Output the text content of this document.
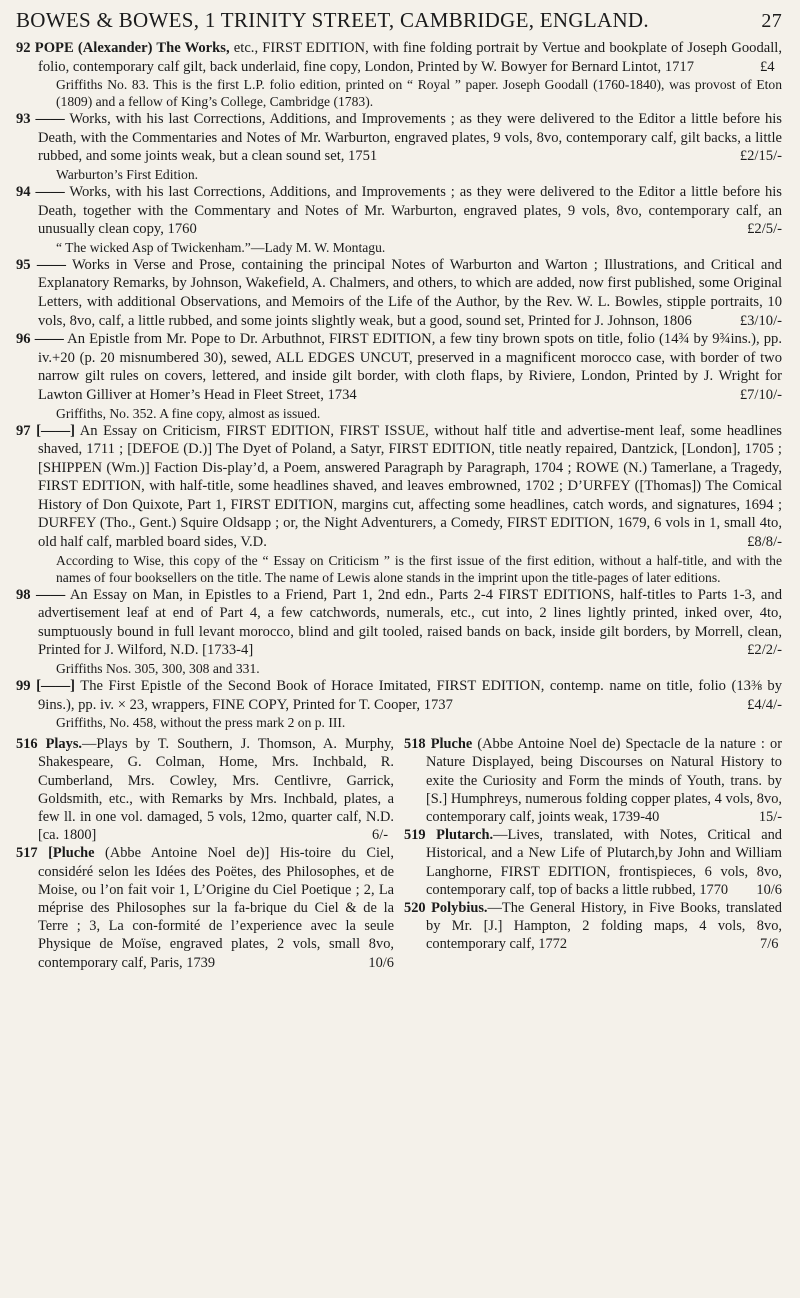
BOWES & BOWES, 1 TRINITY STREET, CAMBRIDGE, ENGLAND.	27

92 POPE (Alexander) The Works, etc., FIRST EDITION, with fine folding portrait by Vertue and bookplate of Joseph Goodall, folio, contemporary calf gilt, back underlaid, fine copy, London, Printed by W. Bowyer for Bernard Lintot, 1717	£4
Griffiths No. 83. This is the first L.P. folio edition, printed on “ Royal ” paper. Joseph Goodall (1760-1840), was provost of Eton (1809) and a fellow of King’s College, Cambridge (1783).

93 —— Works, with his last Corrections, Additions, and Improvements ; as they were delivered to the Editor a little before his Death, with the Commentaries and Notes of Mr. Warburton, engraved plates, 9 vols, 8vo, contemporary calf, gilt backs, a little rubbed, and some joints weak, but a clean sound set, 1751	£2/15/-
Warburton’s First Edition.

94 —— Works, with his last Corrections, Additions, and Improvements ; as they were delivered to the Editor a little before his Death, together with the Commentary and Notes of Mr. Warburton, engraved plates, 9 vols, 8vo, contemporary calf, an unusually clean copy, 1760	£2/5/-
“ The wicked Asp of Twickenham.”—Lady M. W. Montagu.

95 —— Works in Verse and Prose, containing the principal Notes of Warburton and Warton ; Illustrations, and Critical and Explanatory Remarks, by Johnson, Wakefield, A. Chalmers, and others, to which are added, now first published, some Original Letters, with additional Observations, and Memoirs of the Life of the Author, by the Rev. W. L. Bowles, stipple portraits, 10 vols, 8vo, calf, a little rubbed, and some joints slightly weak, but a good, sound set, Printed for J. Johnson, 1806	£3/10/-

96 —— An Epistle from Mr. Pope to Dr. Arbuthnot, FIRST EDITION, a few tiny brown spots on title, folio (14¾ by 9¾ins.), pp. iv.+20 (p. 20 misnumbered 30), sewed, ALL EDGES UNCUT, preserved in a magnificent morocco case, with border of two narrow gilt rules on covers, lettered, and inside gilt border, with cloth flaps, by Riviere, London, Printed by J. Wright for Lawton Gilliver at Homer’s Head in Fleet Street, 1734	£7/10/-
Griffiths, No. 352. A fine copy, almost as issued.

97 [——] An Essay on Criticism, FIRST EDITION, FIRST ISSUE, without half title and advertise-ment leaf, some headlines shaved, 1711 ; [DEFOE (D.)] The Dyet of Poland, a Satyr, FIRST EDITION, title neatly repaired, Dantzick, [London], 1705 ; [SHIPPEN (Wm.)] Faction Dis-play’d, a Poem, answered Paragraph by Paragraph, 1704 ; ROWE (N.) Tamerlane, a Tragedy, FIRST EDITION, with half-title, some headlines shaved, and leaves embrowned, 1702 ; D’URFEY ([Thomas]) The Comical History of Don Quixote, Part 1, FIRST EDITION, margins cut, affecting some headlines, catch words, and signatures, 1694 ; DURFEY (Tho., Gent.) Squire Oldsapp ; or, the Night Adventurers, a Comedy, FIRST EDITION, 1679, 6 vols in 1, small 4to, old half calf, marbled board sides, V.D.	£8/8/-
According to Wise, this copy of the “ Essay on Criticism ” is the first issue of the first edition, without a half-title, and with the names of four booksellers on the title. The name of Lewis alone stands in the imprint upon the title-pages of later editions.

98 —— An Essay on Man, in Epistles to a Friend, Part 1, 2nd edn., Parts 2-4 FIRST EDITIONS, half-titles to Parts 1-3, and advertisement leaf at end of Part 4, a few catchwords, numerals, etc., cut into, 2 lines lightly printed, inked over, 4to, sumptuously bound in full levant morocco, blind and gilt tooled, raised bands on back, inside gilt borders, by Morrell, clean, Printed for J. Wilford, N.D. [1733-4]	£2/2/-
Griffiths Nos. 305, 300, 308 and 331.

99 [——] The First Epistle of the Second Book of Horace Imitated, FIRST EDITION, contemp. name on title, folio (13⅜ by 9ins.), pp. iv. × 23, wrappers, FINE COPY, Printed for T. Cooper, 1737	£4/4/-
Griffiths, No. 458, without the press mark 2 on p. III.

516 Plays.—Plays by T. Southern, J. Thomson, A. Murphy, Shakespeare, G. Colman, Home, Mrs. Inchbald, R. Cumberland, Mrs. Cowley, Mrs. Centlivre, Garrick, Goldsmith, etc., with Remarks by Mrs. Inchbald, plates, a few ll. in one vol. damaged, 5 vols, 12mo, quarter calf, N.D. [ca. 1800]	6/-

517 [Pluche (Abbe Antoine Noel de)] His-toire du Ciel, considéré selon les Idées des Poëtes, des Philosophes, et de Moise, ou l’on fait voir 1, L’Origine du Ciel Poetique ; 2, La méprise des Philosophes sur la fa-brique du Ciel & de la Terre ; 3, La con-formité de l’experience avec la seule Physique de Moïse, engraved plates, 2 vols, small 8vo, contemporary calf, Paris, 1739	10/6

518 Pluche (Abbe Antoine Noel de) Spectacle de la nature : or Nature Displayed, being Discourses on Natural History to exite the Curiosity and Form the minds of Youth, trans. by [S.] Humphreys, numerous folding copper plates, 4 vols, 8vo, contemporary calf, joints weak, 1739-40	15/-

519 Plutarch.—Lives, translated, with Notes, Critical and Historical, and a New Life of Plutarch,by John and William Langhorne, FIRST EDITION, frontispieces, 6 vols, 8vo, contemporary calf, top of backs a little rubbed, 1770 10/6

520 Polybius.—The General History, in Five Books, translated by Mr. [J.] Hampton, 2 folding maps, 4 vols, 8vo, contemporary calf, 1772	7/6
